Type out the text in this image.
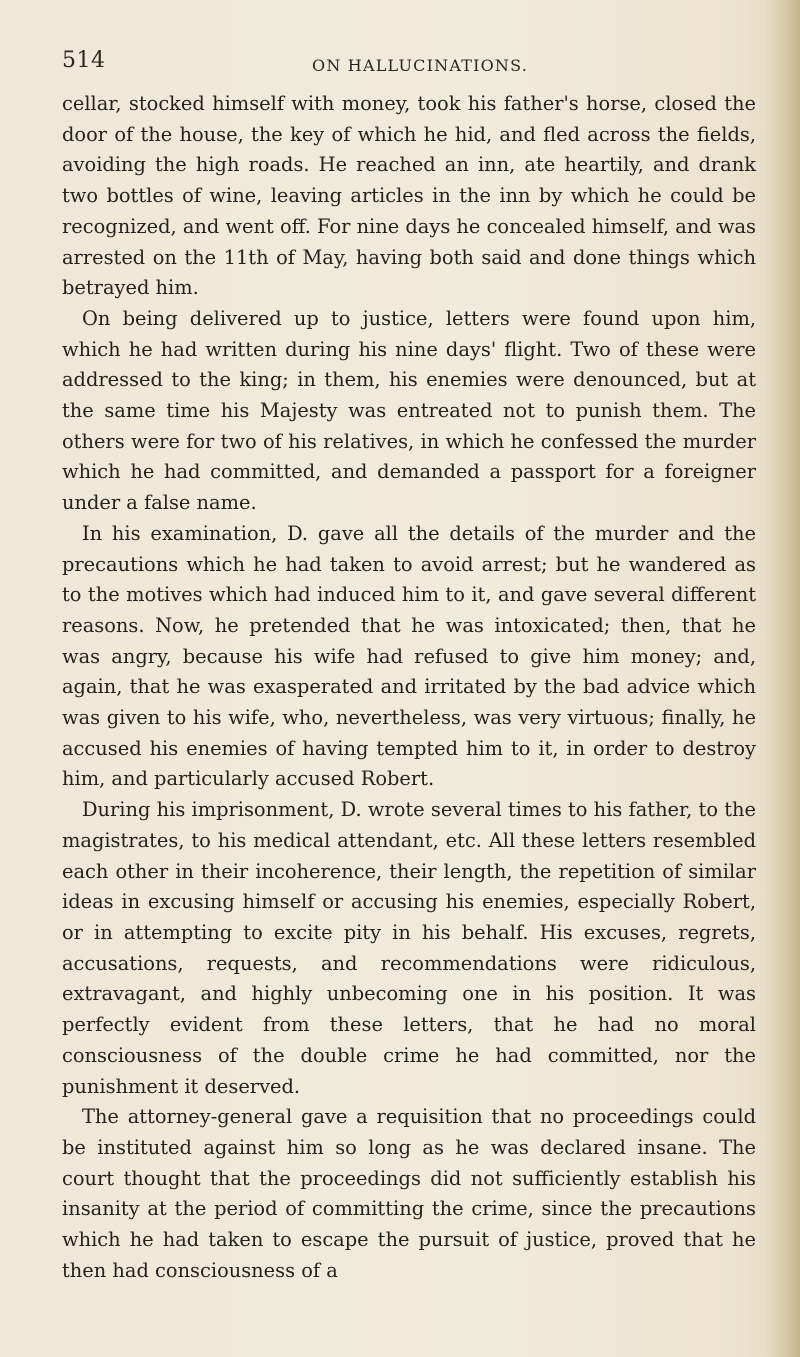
514	ON HALLUCINATIONS.

cellar, stocked himself with money, took his father's horse, closed the door of the house, the key of which he hid, and fled across the fields, avoiding the high roads. He reached an inn, ate heartily, and drank two bottles of wine, leaving articles in the inn by which he could be recognized, and went off. For nine days he concealed himself, and was arrested on the 11th of May, having both said and done things which betrayed him.

On being delivered up to justice, letters were found upon him, which he had written during his nine days' flight. Two of these were addressed to the king; in them, his enemies were denounced, but at the same time his Majesty was entreated not to punish them. The others were for two of his relatives, in which he confessed the murder which he had committed, and demanded a passport for a foreigner under a false name.

In his examination, D. gave all the details of the murder and the precautions which he had taken to avoid arrest; but he wandered as to the motives which had induced him to it, and gave several different reasons. Now, he pretended that he was intoxicated; then, that he was angry, because his wife had refused to give him money; and, again, that he was exasperated and irritated by the bad advice which was given to his wife, who, nevertheless, was very virtuous; finally, he accused his enemies of having tempted him to it, in order to destroy him, and particularly accused Robert.

During his imprisonment, D. wrote several times to his father, to the magistrates, to his medical attendant, etc. All these letters resembled each other in their incoherence, their length, the repetition of similar ideas in excusing himself or accusing his enemies, especially Robert, or in attempting to excite pity in his behalf. His excuses, regrets, accusations, requests, and recommendations were ridiculous, extravagant, and highly unbecoming one in his position. It was perfectly evident from these letters, that he had no moral consciousness of the double crime he had committed, nor the punishment it deserved.

The attorney-general gave a requisition that no proceedings could be instituted against him so long as he was declared insane. The court thought that the proceedings did not sufficiently establish his insanity at the period of committing the crime, since the precautions which he had taken to escape the pursuit of justice, proved that he then had consciousness of a
